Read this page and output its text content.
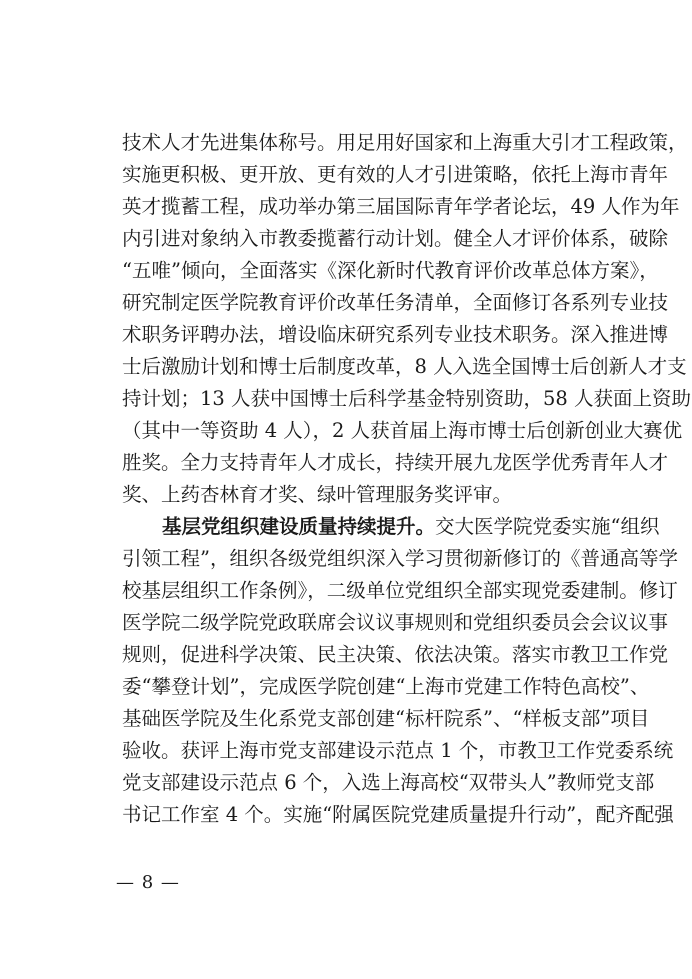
技术人才先进集体称号。用足用好国家和上海重大引才工程政策，
实施更积极、更开放、更有效的人才引进策略，依托上海市青年
英才揽蓄工程，成功举办第三届国际青年学者论坛，49 人作为年
内引进对象纳入市教委揽蓄行动计划。健全人才评价体系，破除
“五唯”倾向，全面落实《深化新时代教育评价改革总体方案》，
研究制定医学院教育评价改革任务清单，全面修订各系列专业技
术职务评聘办法，增设临床研究系列专业技术职务。深入推进博
士后激励计划和博士后制度改革，8 人入选全国博士后创新人才支
持计划；13 人获中国博士后科学基金特别资助，58 人获面上资助
（其中一等资助 4 人），2 人获首届上海市博士后创新创业大赛优
胜奖。全力支持青年人才成长，持续开展九龙医学优秀青年人才
奖、上药杏林育才奖、绿叶管理服务奖评审。
基层党组织建设质量持续提升。交大医学院党委实施“组织
引领工程”，组织各级党组织深入学习贯彻新修订的《普通高等学
校基层组织工作条例》，二级单位党组织全部实现党委建制。修订
医学院二级学院党政联席会议议事规则和党组织委员会会议议事
规则，促进科学决策、民主决策、依法决策。落实市教卫工作党
委“攀登计划”，完成医学院创建“上海市党建工作特色高校”、
基础医学院及生化系党支部创建“标杆院系”、“样板支部”项目
验收。获评上海市党支部建设示范点 1 个，市教卫工作党委系统
党支部建设示范点 6 个，入选上海高校“双带头人”教师党支部
书记工作室 4 个。实施“附属医院党建质量提升行动”，配齐配强
— 8 —
